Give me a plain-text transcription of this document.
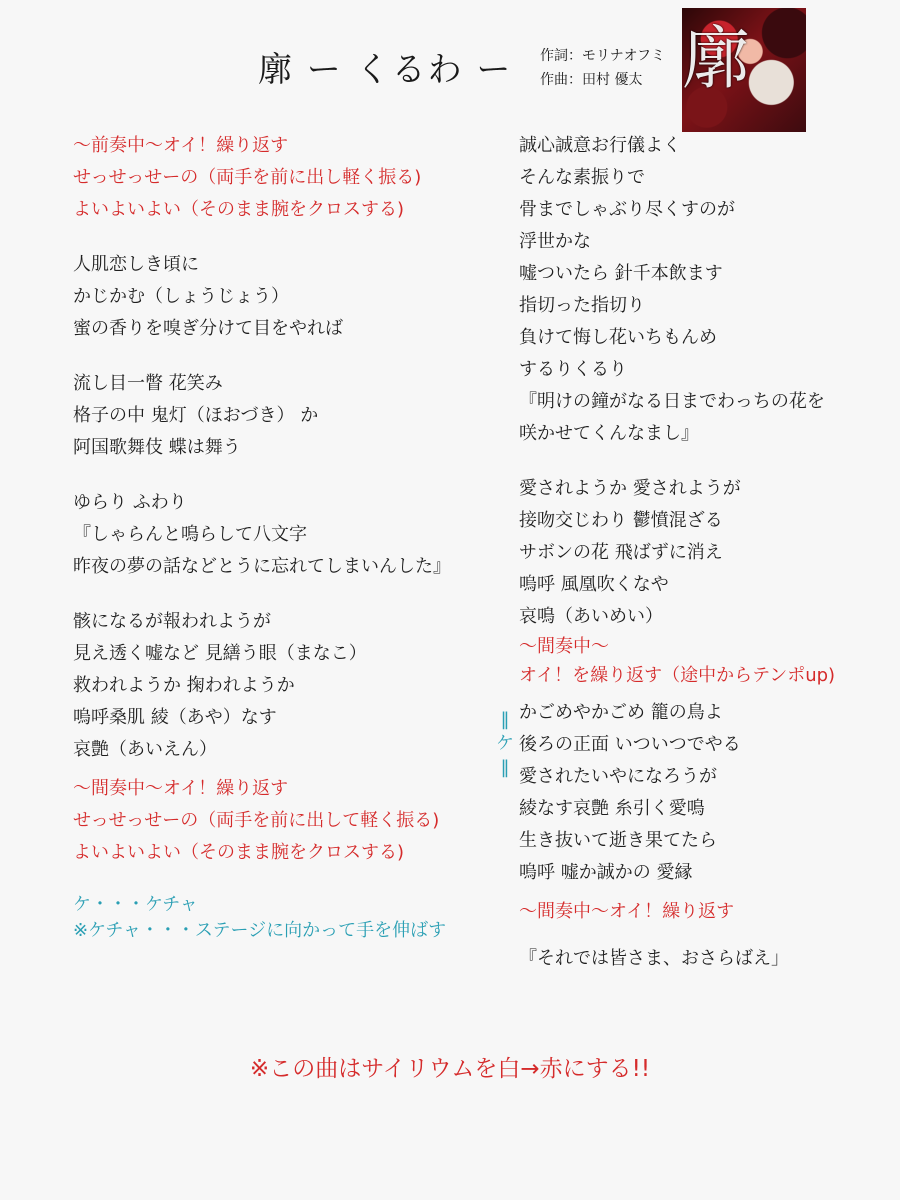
廓 ー くるわ ー 作詞：モリナオフミ
作曲：田村 優太 廓
〜前奏中〜オイ！繰り返す
せっせっせーの（両手を前に出し軽く振る)
よいよいよい（そのまま腕をクロスする)
人肌恋しき頃に
かじかむ（しょうじょう）
蜜の香りを嗅ぎ分けて目をやれば
流し目一瞥 花笑み
格子の中 鬼灯（ほおづき） か
阿国歌舞伎 蝶は舞う
ゆらり ふわり
『しゃらんと鳴らして八文字
昨夜の夢の話などとうに忘れてしまいんした』
骸になるが報われようが
見え透く嘘など 見繕う眼（まなこ）
救われようか 掬われようか
嗚呼桑肌 綾（あや）なす
哀艶（あいえん）
〜間奏中〜オイ！繰り返す
せっせっせーの（両手を前に出して軽く振る)
よいよいよい（そのまま腕をクロスする)
ケ・・・ケチャ
※ケチャ・・・ステージに向かって手を伸ばす
‖
ケ
‖
誠心誠意お行儀よく
そんな素振りで
骨までしゃぶり尽くすのが
浮世かな
嘘ついたら 針千本飲ます
指切った指切り
負けて悔し花いちもんめ
するりくるり
『明けの鐘がなる日までわっちの花を
咲かせてくんなまし』
愛されようか 愛されようが
接吻交じわり 鬱憤混ざる
サボンの花 飛ばずに消え
嗚呼 風凰吹くなや
哀鳴（あいめい）
〜間奏中〜
オイ！を繰り返す（途中からテンポup)
かごめやかごめ 籠の鳥よ
後ろの正面 いついつでやる
愛されたいやになろうが
綾なす哀艶 糸引く愛鳴
生き抜いて逝き果てたら
嗚呼 嘘か誠かの 愛縁
〜間奏中〜オイ！繰り返す
『それでは皆さま、おさらばえ」
※この曲はサイリウムを白→赤にする!!
